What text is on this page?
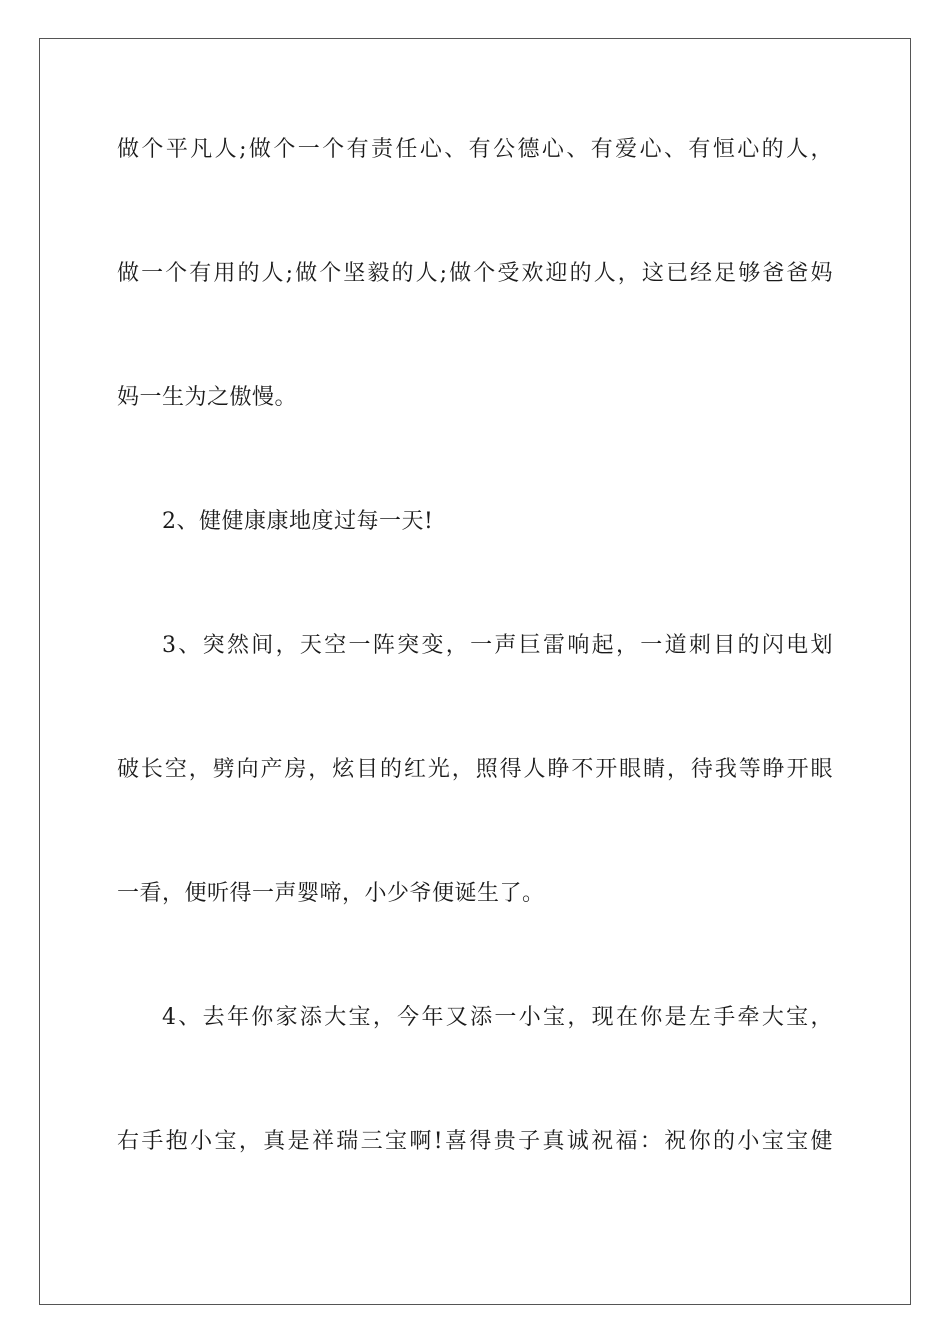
做个平凡人;做个一个有责任心、有公德心、有爱心、有恒心的人，
做一个有用的人;做个坚毅的人;做个受欢迎的人，这已经足够爸爸妈
妈一生为之傲慢。
2、健健康康地度过每一天!
3、突然间，天空一阵突变，一声巨雷响起，一道刺目的闪电划
破长空，劈向产房，炫目的红光，照得人睁不开眼睛，待我等睁开眼
一看，便听得一声婴啼，小少爷便诞生了。
4、去年你家添大宝，今年又添一小宝，现在你是左手牵大宝，
右手抱小宝，真是祥瑞三宝啊!喜得贵子真诚祝福：祝你的小宝宝健
